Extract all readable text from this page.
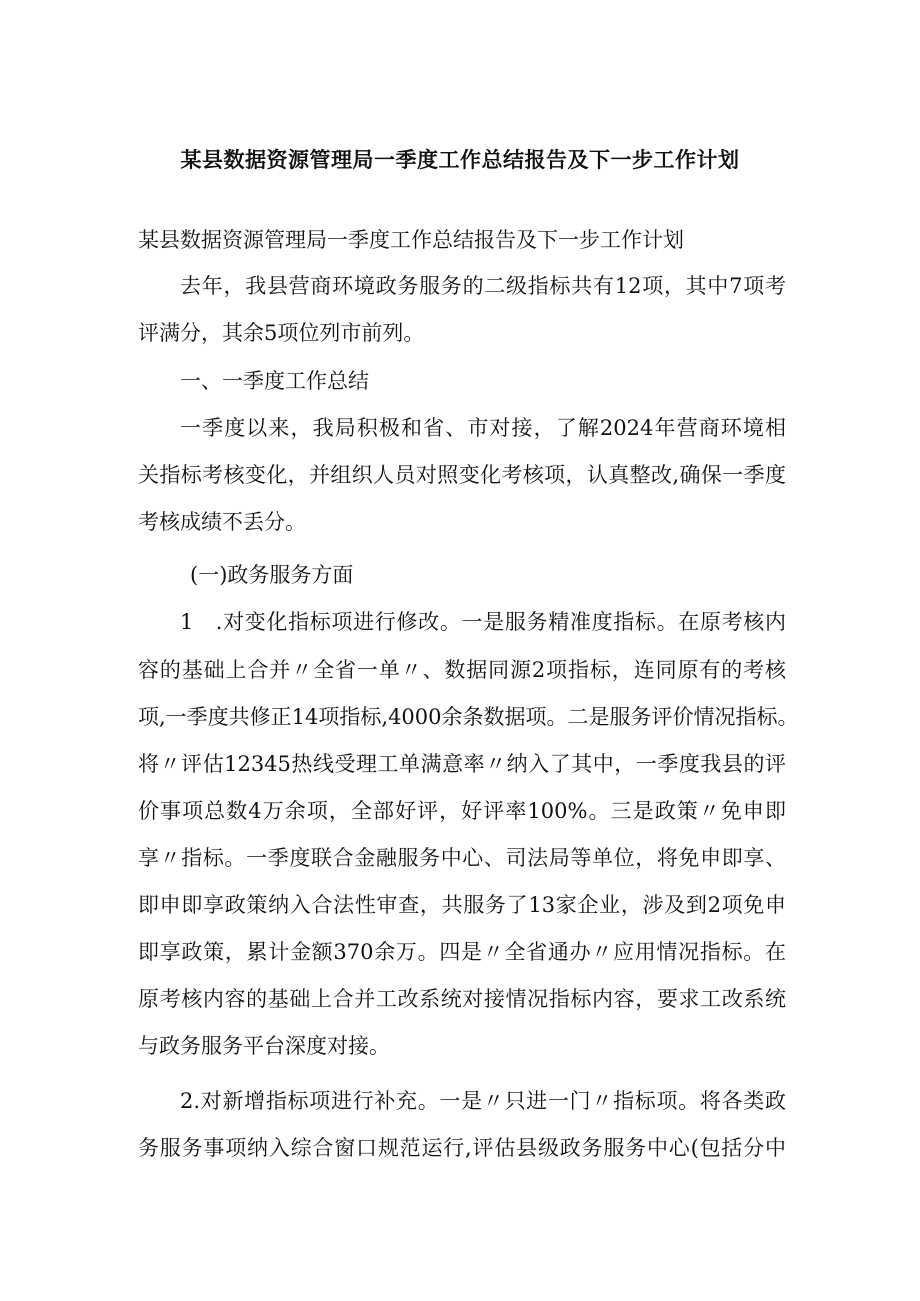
某县数据资源管理局一季度工作总结报告及下一步工作计划

某县数据资源管理局一季度工作总结报告及下一步工作计划

去年，我县营商环境政务服务的二级指标共有12项，其中7项考

评满分，其余5项位列市前列。

一、一季度工作总结

一季度以来，我局积极和省、市对接，了解2024年营商环境相

关指标考核变化，并组织人员对照变化考核项，认真整改,确保一季度

考核成绩不丢分。

(一)政务服务方面

1　.对变化指标项进行修改。一是服务精准度指标。在原考核内

容的基础上合并〃全省一单〃、数据同源2项指标，连同原有的考核

项,一季度共修正14项指标,4000余条数据项。二是服务评价情况指标。

将〃评估12345热线受理工单满意率〃纳入了其中，一季度我县的评

价事项总数4万余项，全部好评，好评率100%。三是政策〃免申即

享〃指标。一季度联合金融服务中心、司法局等单位，将免申即享、

即申即享政策纳入合法性审查，共服务了13家企业，涉及到2项免申

即享政策，累计金额370余万。四是〃全省通办〃应用情况指标。在

原考核内容的基础上合并工改系统对接情况指标内容，要求工改系统

与政务服务平台深度对接。

2.对新增指标项进行补充。一是〃只进一门〃指标项。将各类政

务服务事项纳入综合窗口规范运行,评估县级政务服务中心(包括分中
